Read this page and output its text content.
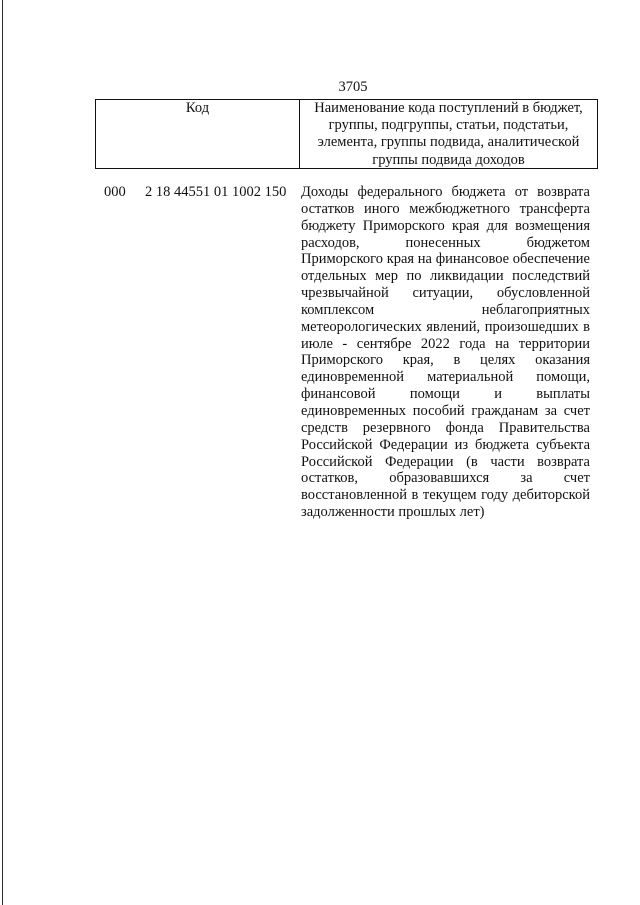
3705
Код	Наименование кода поступлений в бюджет, группы, подгруппы, статьи, подстатьи, элемента, группы подвида, аналитической группы подвида доходов
000 2 18 44551 01 1002 150 Доходы федерального бюджета от возврата остатков иного межбюджетного трансферта бюджету Приморского края для возмещения расходов, понесенных бюджетом Приморского края на финансовое обеспечение отдельных мер по ликвидации последствий чрезвычайной ситуации, обусловленной комплексом неблагоприятных метеорологических явлений, произошедших в июле - сентябре 2022 года на территории Приморского края, в целях оказания единовременной материальной помощи, финансовой помощи и выплаты единовременных пособий гражданам за счет средств резервного фонда Правительства Российской Федерации из бюджета субъекта Российской Федерации (в части возврата остатков, образовавшихся за счет восстановленной в текущем году дебиторской задолженности прошлых лет)
